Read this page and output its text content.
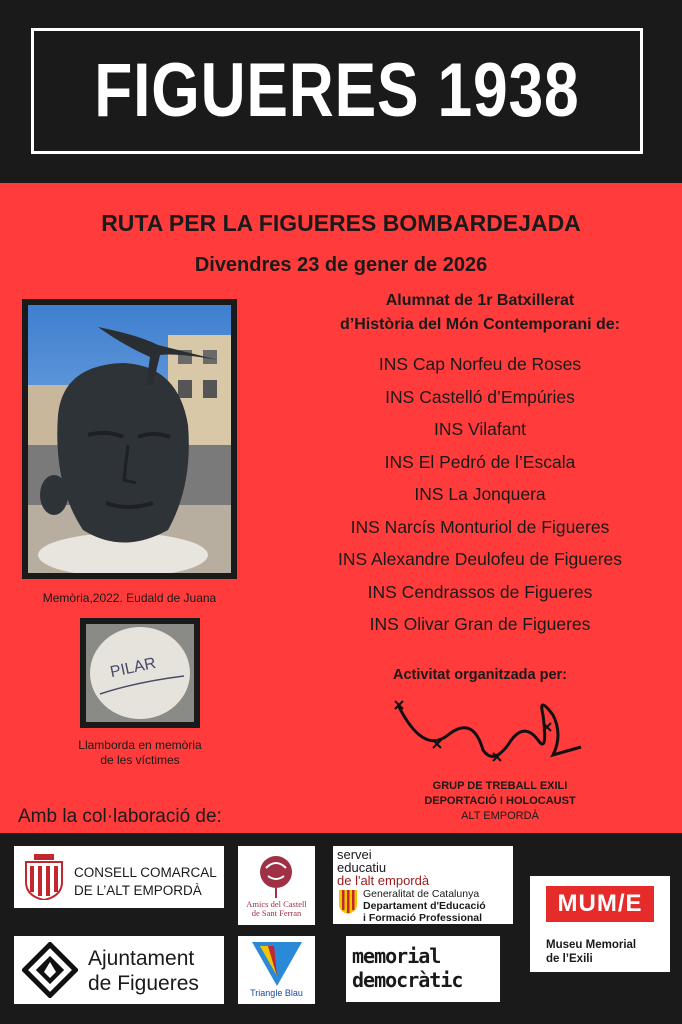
FIGUERES 1938
RUTA PER LA FIGUERES BOMBARDEJADA
Divendres 23 de gener de 2026
Alumnat de 1r Batxillerat
d’Història del Món Contemporani de:
INS Cap Norfeu de Roses
INS Castelló d’Empúries
INS Vilafant
INS El Pedró de l’Escala
INS La Jonquera
INS Narcís Monturiol de Figueres
INS Alexandre Deulofeu de Figueres
INS Cendrassos de Figueres
INS Olivar Gran de Figueres
Memòria,2022. Eudald de Juana
PILAR
Llamborda en memòria
de les víctimes
Activitat organitzada per:
GRUP DE TREBALL EXILI
DEPORTACIÓ I HOLOCAUST
ALT EMPORDÀ
Amb la col·laboració de:
CONSELL COMARCAL
DE L’ALT EMPORDÀ
Amics del Castell
de Sant Ferran
servei
educatiu
de l'alt empordà
Generalitat de Catalunya
Departament d'Educació
i Formació Professional
MUM/E
Museu Memorial
de l’Exili
Ajuntament
de Figueres	Triangle Blau
memorial
democràtic
